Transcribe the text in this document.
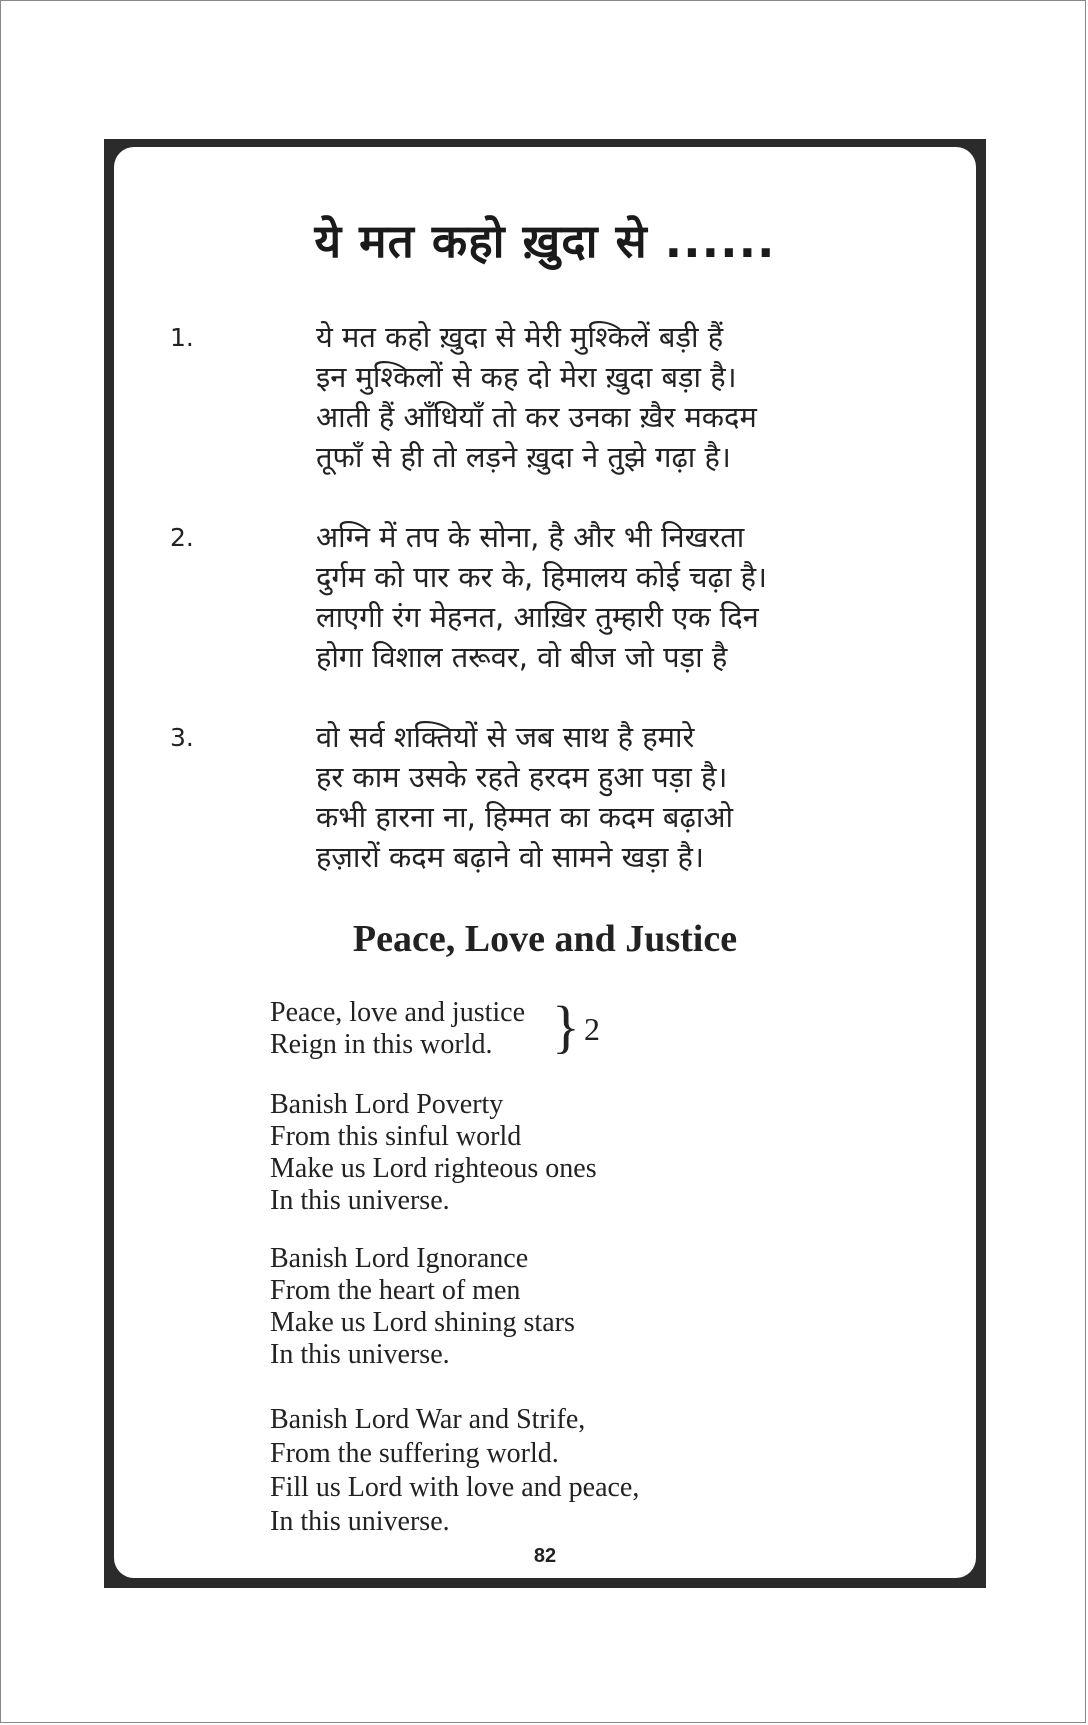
ये मत कहो ख़ुदा से ......
1.	ये मत कहो ख़ुदा से मेरी मुश्किलें बड़ी हैं
इन मुश्किलों से कह दो मेरा ख़ुदा बड़ा है।
आती हैं आँधियाँ तो कर उनका ख़ैर मकदम
तूफाँ से ही तो लड़ने ख़ुदा ने तुझे गढ़ा है।
2.	अग्नि में तप के सोना, है और भी निखरता
दुर्गम को पार कर के, हिमालय कोई चढ़ा है।
लाएगी रंग मेहनत, आख़िर तुम्हारी एक दिन
होगा विशाल तरूवर, वो बीज जो पड़ा है
3.	वो सर्व शक्तियों से जब साथ है हमारे
हर काम उसके रहते हरदम हुआ पड़ा है।
कभी हारना ना, हिम्मत का कदम बढ़ाओ
हज़ारों कदम बढ़ाने वो सामने खड़ा है।
Peace, Love and Justice
Peace, love and justice
Reign in this world.	} 2
Banish Lord Poverty
From this sinful world
Make us Lord righteous ones
In this universe.
Banish Lord Ignorance
From the heart of men
Make us Lord shining stars
In this universe.
Banish Lord War and Strife,
From the suffering world.
Fill us Lord with love and peace,
In this universe.
82
